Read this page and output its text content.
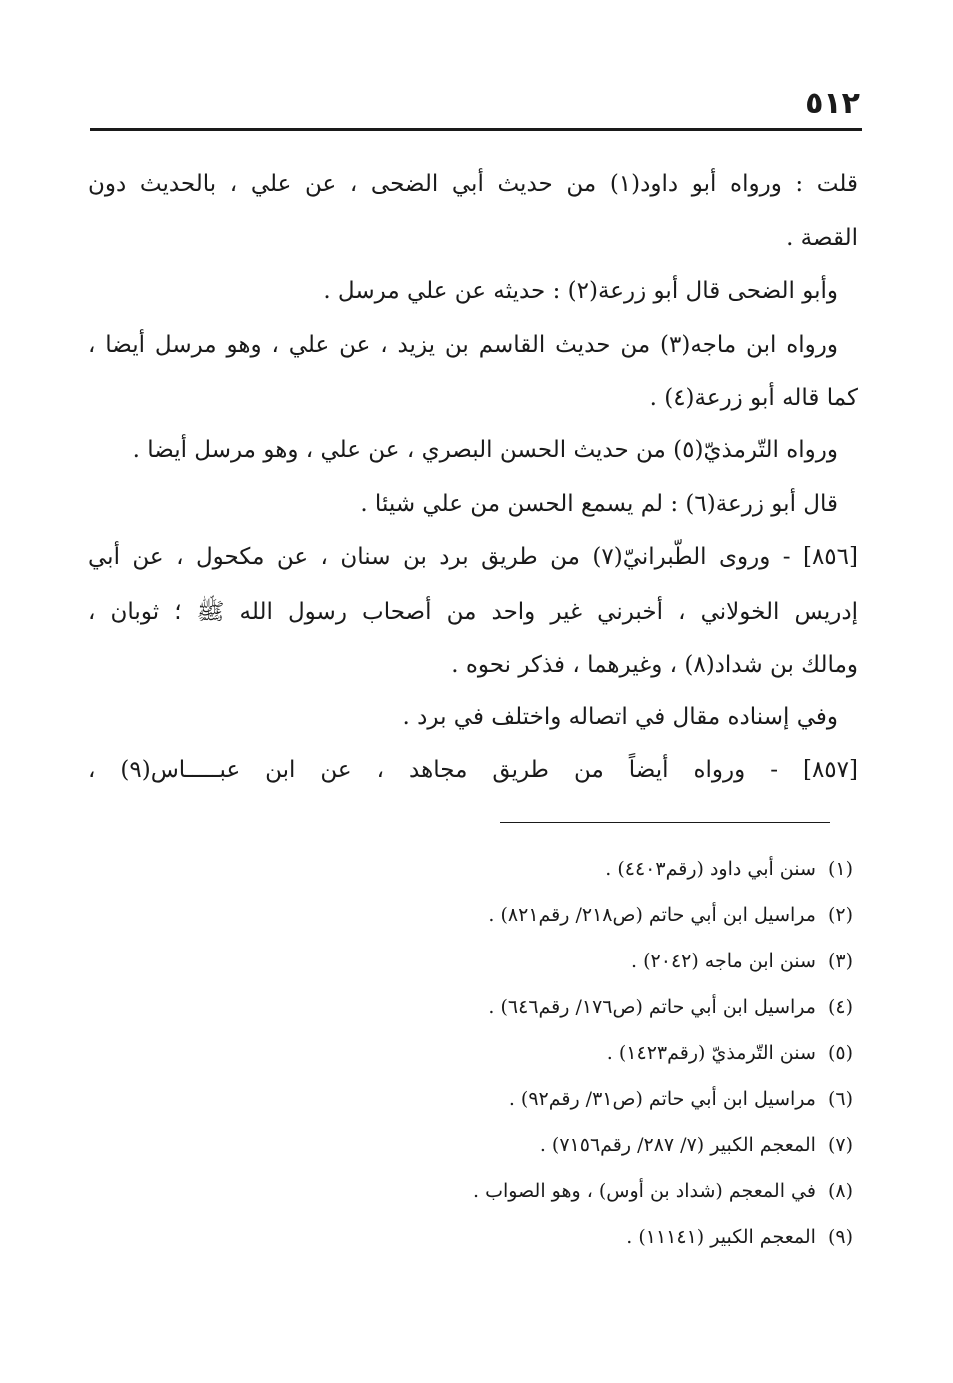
٥١٢
قلت : ورواه أبو داود(١) من حديث أبي الضحى ، عن علي ، بالحديث دون
القصة .
وأبو الضحى قال أبو زرعة(٢) : حديثه عن علي مرسل .
ورواه ابن ماجه(٣) من حديث القاسم بن يزيد ، عن علي ، وهو مرسل أيضا ،
كما قاله أبو زرعة(٤) .
ورواه التّرمذيّ(٥) من حديث الحسن البصري ، عن علي ، وهو مرسل أيضا .
قال أبو زرعة(٦) : لم يسمع الحسن من علي شيئا .
[٨٥٦] - وروى الطّبرانيّ(٧) من طريق برد بن سنان ، عن مكحول ، عن أبي
إدريس الخولاني ، أخبرني غير واحد من أصحاب رسول الله ﷺ ؛ ثوبان ،
ومالك بن شداد(٨) ، وغيرهما ، فذكر نحوه .
وفي إسناده مقال في اتصاله واختلف في برد .
[٨٥٧] - ورواه أيضاً من طريق مجاهد ، عن ابن عبـــــاس(٩) ،
(١)سنن أبي داود (رقم٤٤٠٣) .
(٢)مراسيل ابن أبي حاتم (ص٢١٨/ رقم٨٢١) .
(٣)سنن ابن ماجه (٢٠٤٢) .
(٤)مراسيل ابن أبي حاتم (ص١٧٦/ رقم٦٤٦) .
(٥)سنن التّرمذيّ (رقم١٤٢٣) .
(٦)مراسيل ابن أبي حاتم (ص٣١/ رقم٩٢) .
(٧)المعجم الكبير (٧/ ٢٨٧/ رقم٧١٥٦) .
(٨)في المعجم (شداد بن أوس) ، وهو الصواب .
(٩)المعجم الكبير (١١١٤١) .
